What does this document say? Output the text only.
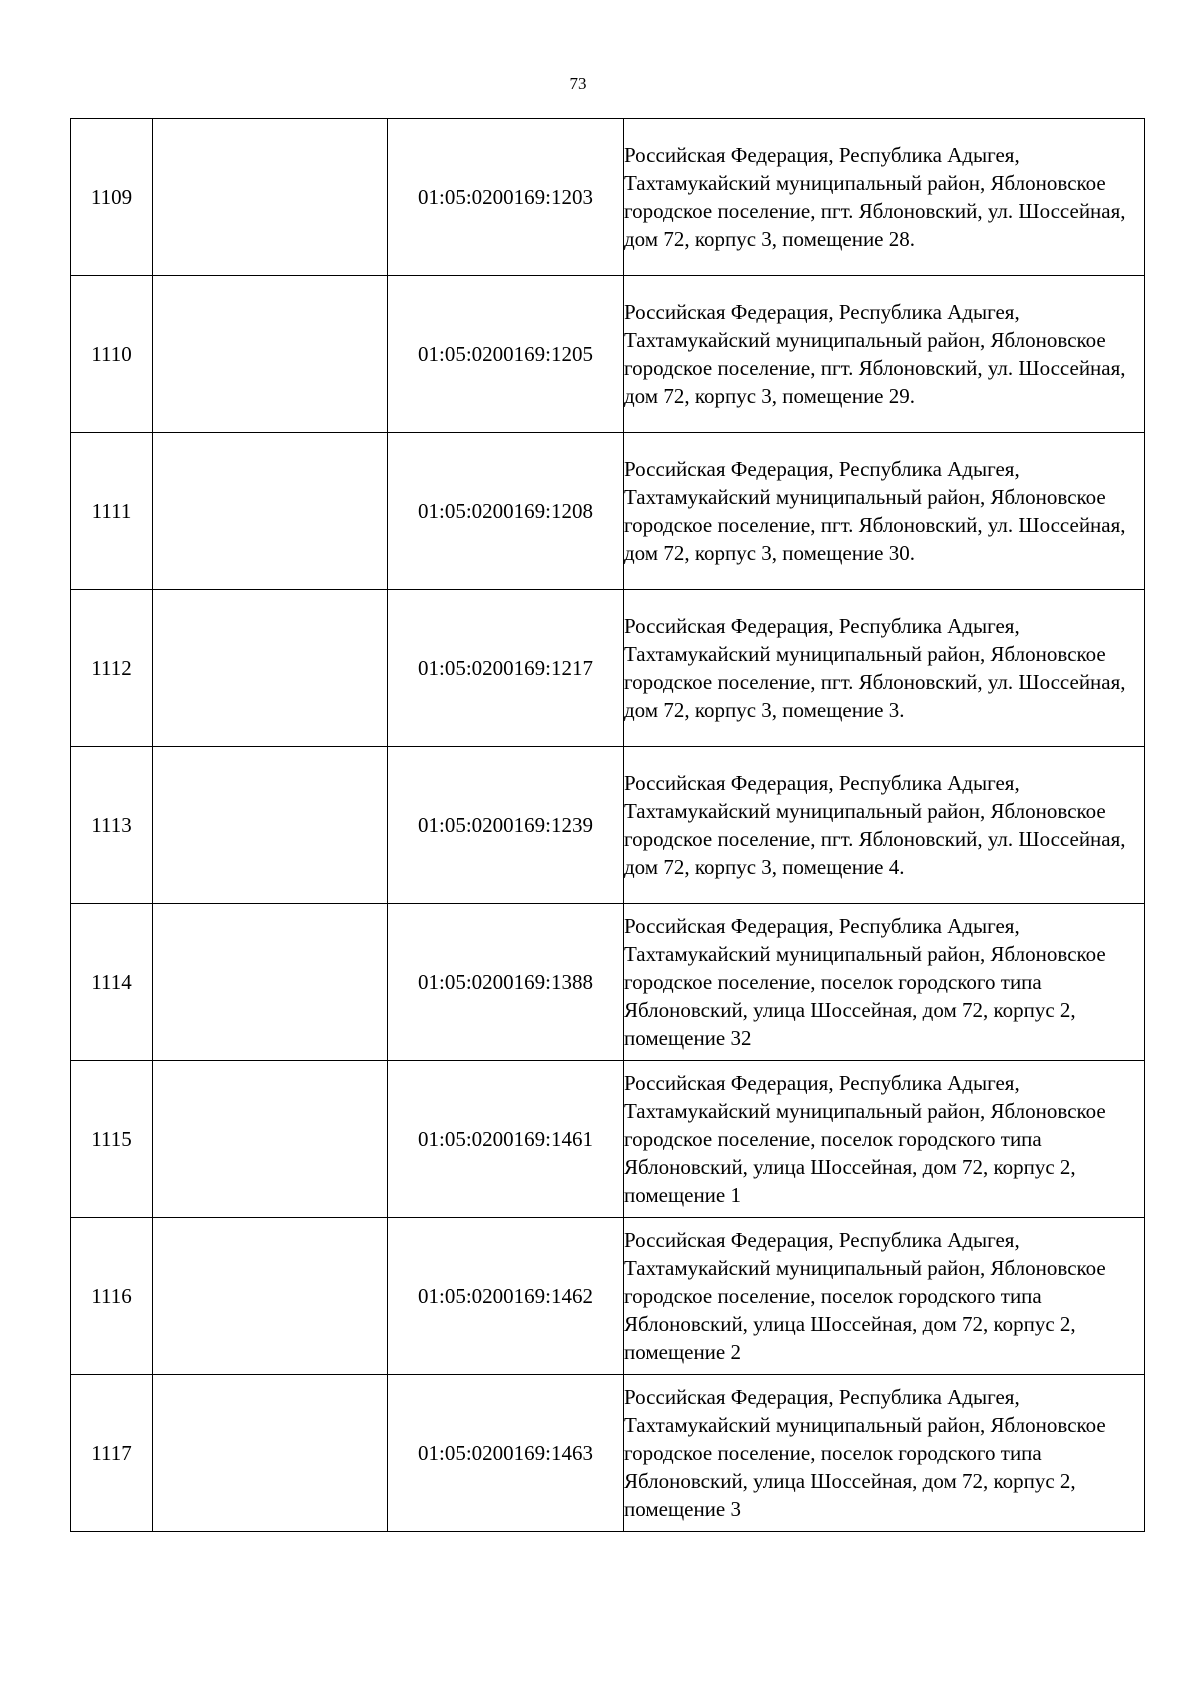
73
1109		01:05:0200169:1203	Российская Федерация, Республика Адыгея, Тахтамукайский муниципальный район, Яблоновское городское поселение, пгт. Яблоновский, ул. Шоссейная, дом 72, корпус 3, помещение 28.
1110		01:05:0200169:1205	Российская Федерация, Республика Адыгея, Тахтамукайский муниципальный район, Яблоновское городское поселение, пгт. Яблоновский, ул. Шоссейная, дом 72, корпус 3, помещение 29.
1111		01:05:0200169:1208	Российская Федерация, Республика Адыгея, Тахтамукайский муниципальный район, Яблоновское городское поселение, пгт. Яблоновский, ул. Шоссейная, дом 72, корпус 3, помещение 30.
1112		01:05:0200169:1217	Российская Федерация, Республика Адыгея, Тахтамукайский муниципальный район, Яблоновское городское поселение, пгт. Яблоновский, ул. Шоссейная, дом 72, корпус 3, помещение 3.
1113		01:05:0200169:1239	Российская Федерация, Республика Адыгея, Тахтамукайский муниципальный район, Яблоновское городское поселение, пгт. Яблоновский, ул. Шоссейная, дом 72, корпус 3, помещение 4.
1114		01:05:0200169:1388	Российская Федерация, Республика Адыгея, Тахтамукайский муниципальный район, Яблоновское городское поселение, поселок городского типа Яблоновский, улица Шоссейная, дом 72, корпус 2, помещение 32
1115		01:05:0200169:1461	Российская Федерация, Республика Адыгея, Тахтамукайский муниципальный район, Яблоновское городское поселение, поселок городского типа Яблоновский, улица Шоссейная, дом 72, корпус 2, помещение 1
1116		01:05:0200169:1462	Российская Федерация, Республика Адыгея, Тахтамукайский муниципальный район, Яблоновское городское поселение, поселок городского типа Яблоновский, улица Шоссейная, дом 72, корпус 2, помещение 2
1117		01:05:0200169:1463	Российская Федерация, Республика Адыгея, Тахтамукайский муниципальный район, Яблоновское городское поселение, поселок городского типа Яблоновский, улица Шоссейная, дом 72, корпус 2, помещение 3
